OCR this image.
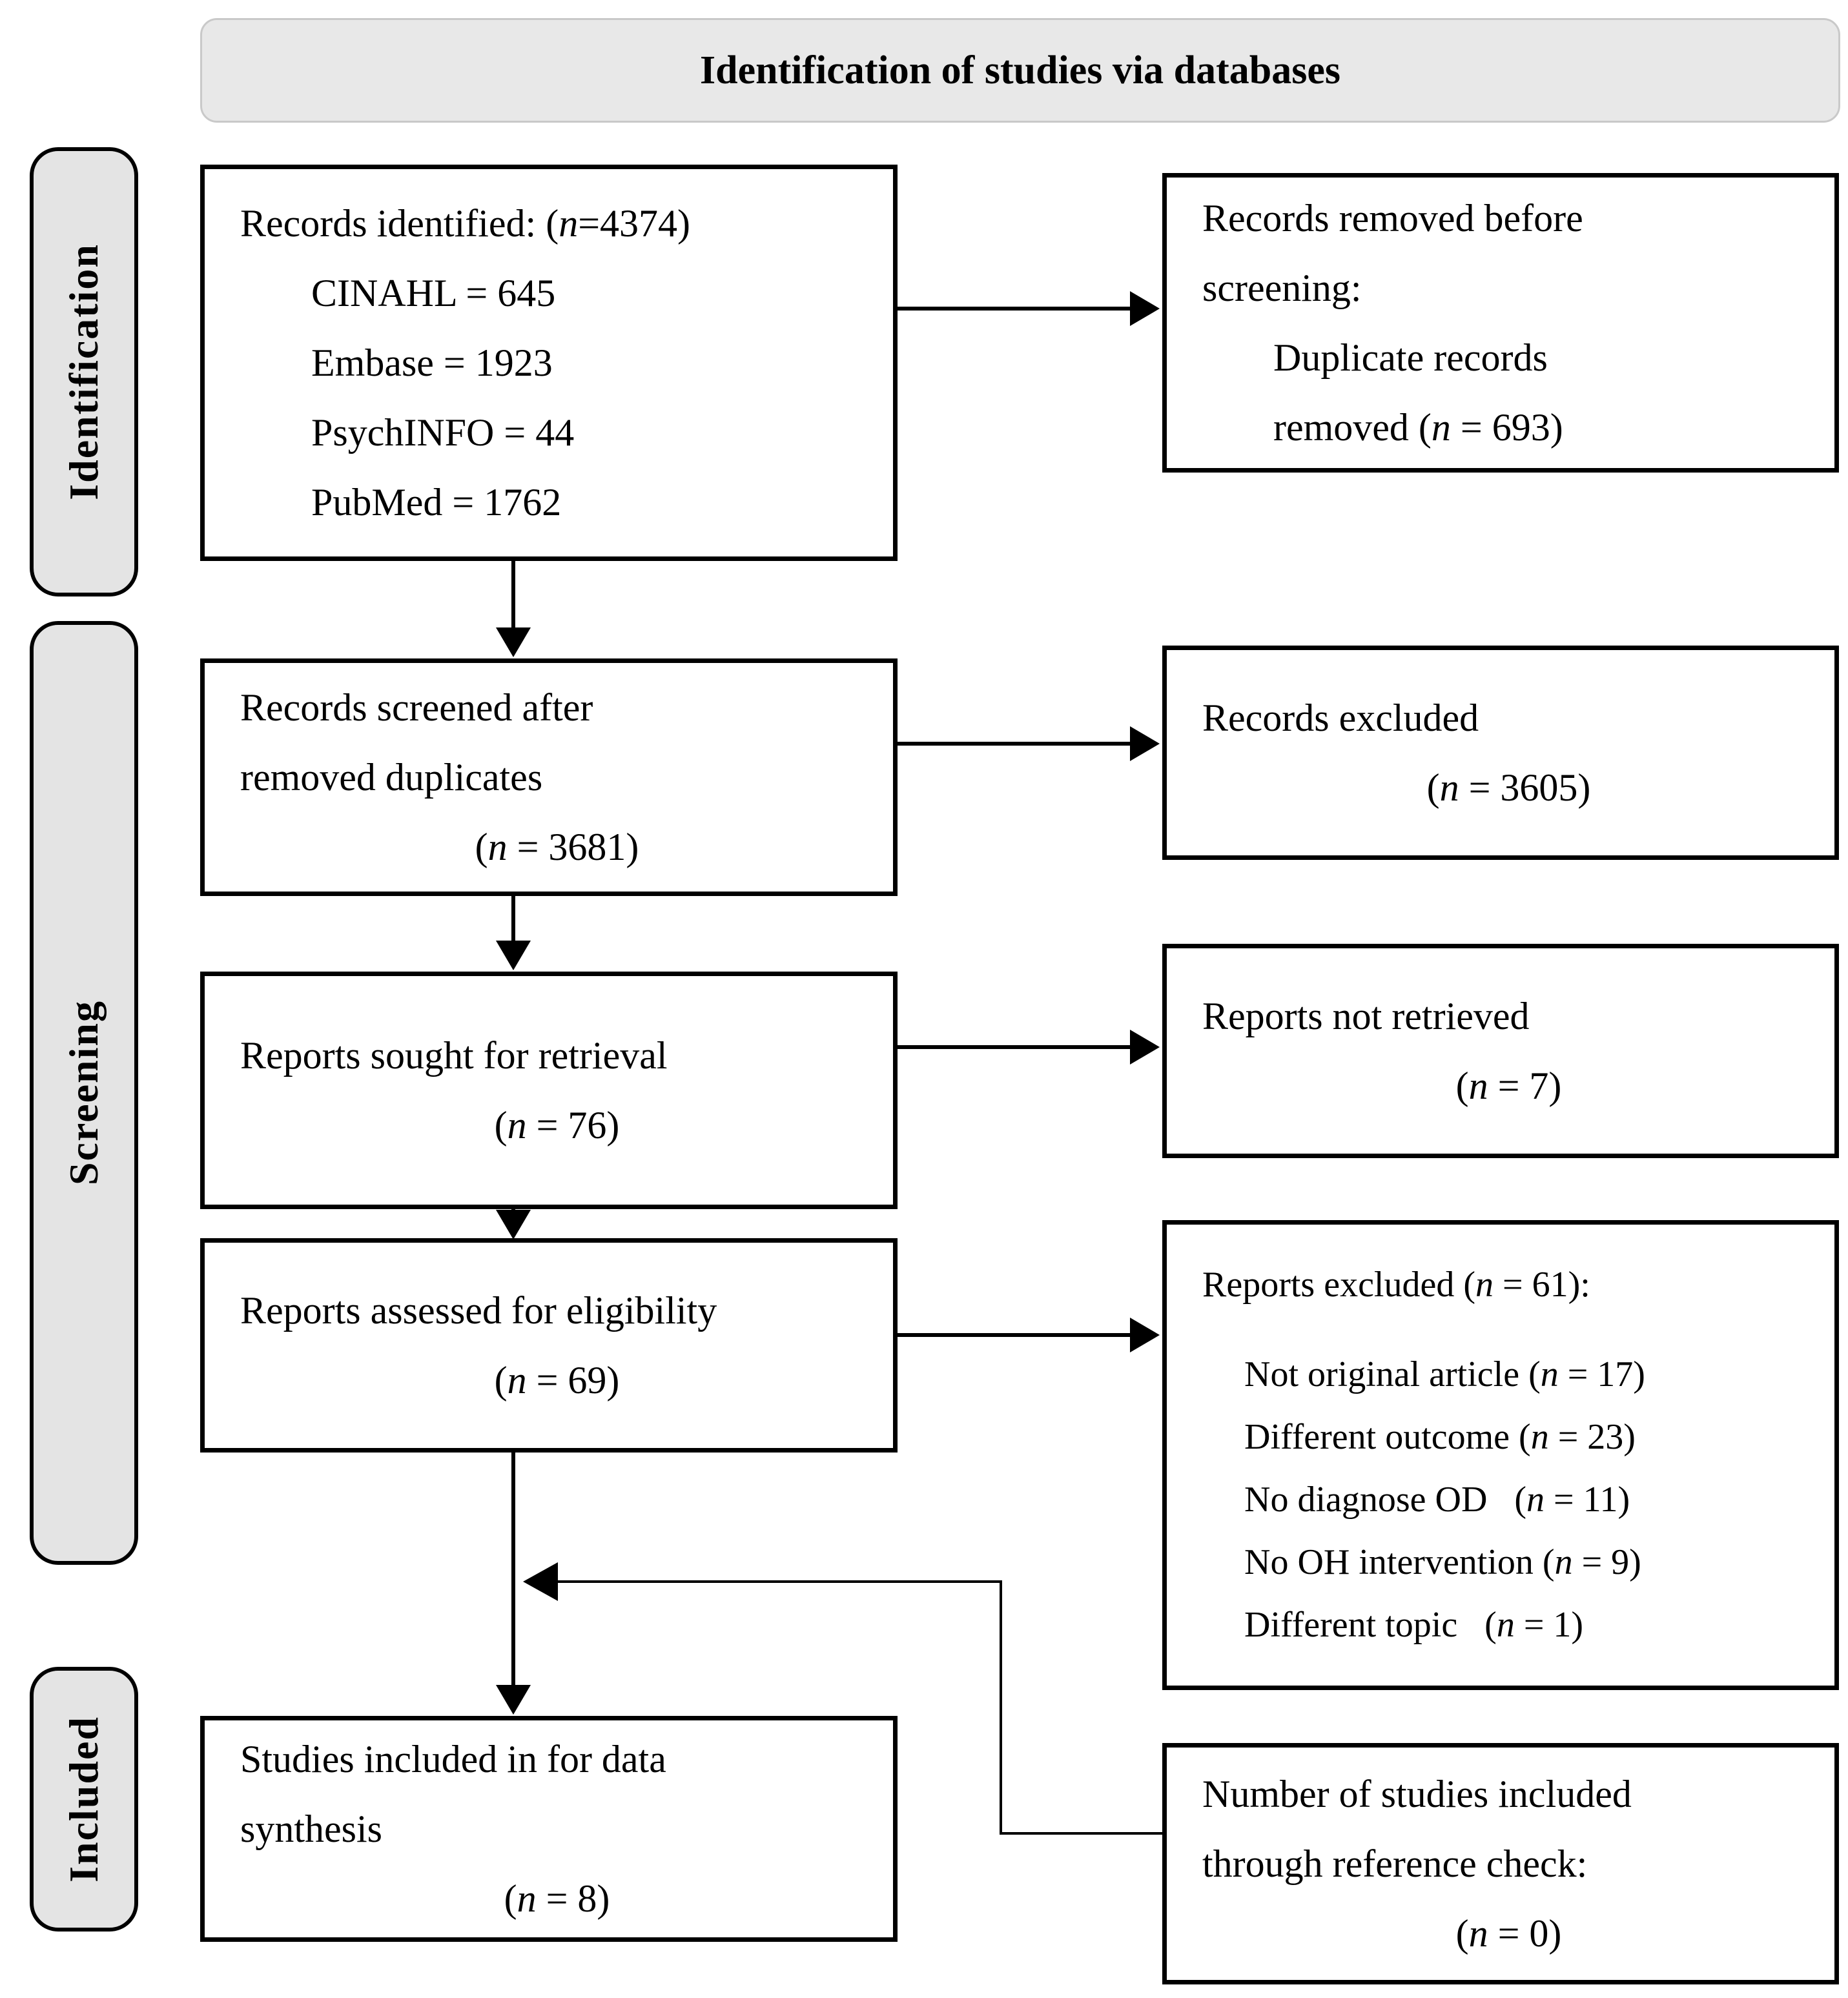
Identification of studies via databases
Identification
Screening
Included
Records identified: (n=4374)
CINAHL = 645
Embase = 1923
PsychINFO = 44
PubMed = 1762
Records screened after
removed duplicates
(n = 3681)
Reports sought for retrieval
(n = 76)
Reports assessed for eligibility
(n = 69)
Studies included in for data
synthesis
(n = 8)
Records removed before
screening:
Duplicate records
removed (n = 693)
Records excluded
(n = 3605)
Reports not retrieved
(n = 7)
Reports excluded (n = 61):
Not original article (n = 17)
Different outcome (n = 23)
No diagnose OD   (n = 11)
No OH intervention (n = 9)
Different topic   (n = 1)
Number of studies included
through reference check:
(n = 0)
